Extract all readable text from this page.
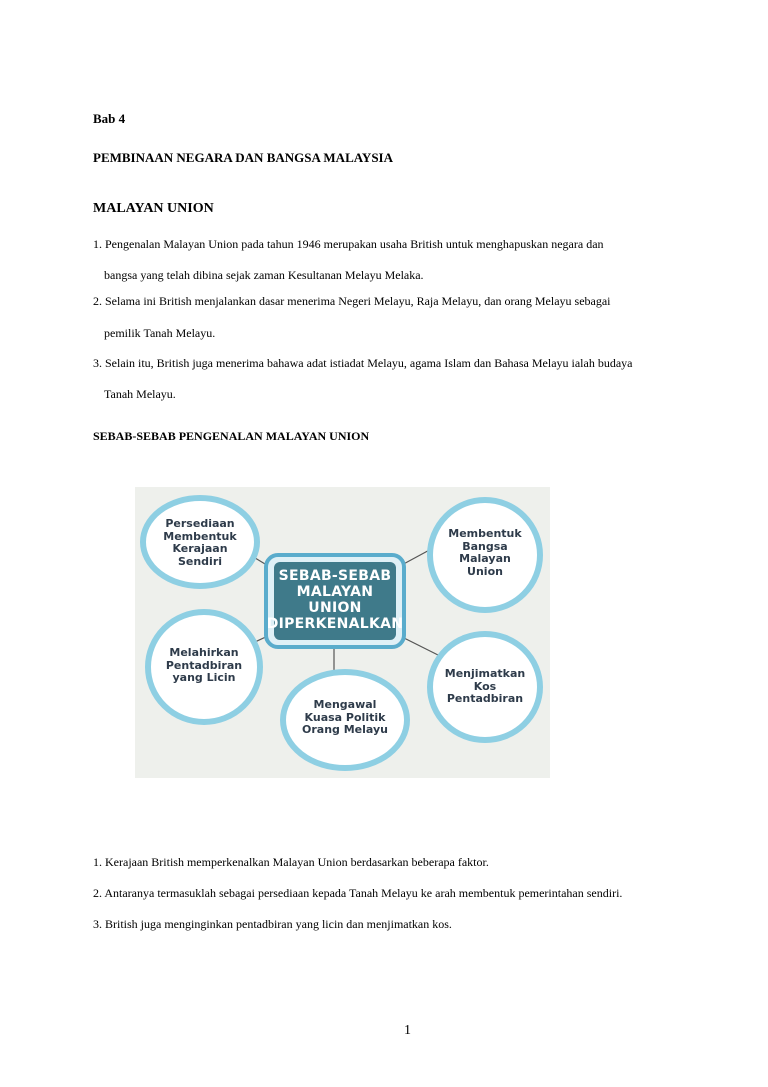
Bab 4
PEMBINAAN NEGARA DAN BANGSA MALAYSIA
MALAYAN UNION
1. Pengenalan Malayan Union pada tahun 1946 merupakan usaha British untuk menghapuskan negara dan
bangsa yang telah dibina sejak zaman Kesultanan Melayu Melaka.
2. Selama ini British menjalankan dasar menerima Negeri Melayu, Raja Melayu, dan orang Melayu sebagai
pemilik Tanah Melayu.
3. Selain itu, British juga menerima bahawa adat istiadat Melayu, agama Islam dan Bahasa Melayu ialah budaya
Tanah Melayu.
SEBAB-SEBAB PENGENALAN MALAYAN UNION
SEBAB-SEBAB
MALAYAN
UNION
DIPERKENALKAN
Persediaan
Membentuk
Kerajaan
Sendiri
Membentuk
Bangsa
Malayan
Union
Melahirkan
Pentadbiran
yang Licin	Menjimatkan
Kos
Pentadbiran
Mengawal
Kuasa Politik
Orang Melayu
1. Kerajaan British memperkenalkan Malayan Union berdasarkan beberapa faktor.
2. Antaranya termasuklah sebagai persediaan kepada Tanah Melayu ke arah membentuk pemerintahan sendiri.
3. British juga menginginkan pentadbiran yang licin dan menjimatkan kos.
1
